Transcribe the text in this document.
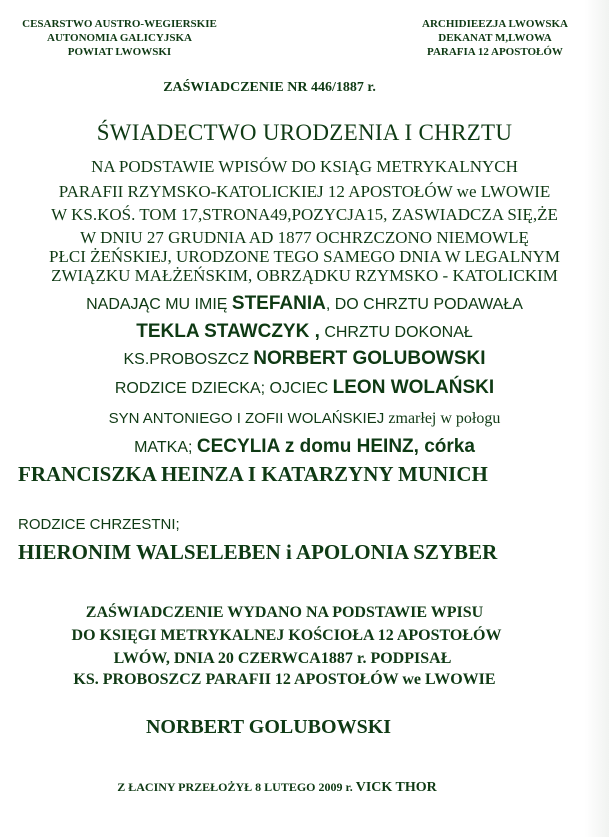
CESARSTWO AUSTRO-WEGIERSKIE
AUTONOMIA GALICYJSKA
POWIAT LWOWSKI
ARCHIDIEEZJA LWOWSKA
DEKANAT M,LWOWA
PARAFIA 12 APOSTOŁÓW
ZAŚWIADCZENIE NR 446/1887 r.
ŚWIADECTWO URODZENIA I CHRZTU
NA PODSTAWIE WPISÓW DO KSIĄG METRYKALNYCH
PARAFII RZYMSKO-KATOLICKIEJ 12 APOSTOŁÓW we LWOWIE
W KS.KOŚ. TOM 17,STRONA49,POZYCJA15, ZASWIADCZA SIĘ,ŻE
W DNIU 27 GRUDNIA AD 1877 OCHRZCZONO NIEMOWLĘ
PŁCI ŻEŃSKIEJ, URODZONE TEGO SAMEGO DNIA W LEGALNYM
ZWIĄZKU MAŁŻEŃSKIM, OBRZĄDKU RZYMSKO - KATOLICKIM
NADAJĄC MU IMIĘ STEFANIA, DO CHRZTU PODAWAŁA
TEKLA STAWCZYK , CHRZTU DOKONAŁ
KS.PROBOSZCZ NORBERT GOLUBOWSKI
RODZICE DZIECKA; OJCIEC LEON WOLAŃSKI
SYN ANTONIEGO I ZOFII WOLAŃSKIEJ zmarłej w połogu
MATKA; CECYLIA z domu HEINZ, córka
FRANCISZKA HEINZA I KATARZYNY MUNICH
RODZICE CHRZESTNI;
HIERONIM WALSELEBEN i APOLONIA SZYBER
ZAŚWIADCZENIE WYDANO NA PODSTAWIE WPISU
DO KSIĘGI METRYKALNEJ KOŚCIOŁA 12 APOSTOŁÓW
LWÓW, DNIA 20 CZERWCA1887 r. PODPISAŁ
KS. PROBOSZCZ PARAFII 12 APOSTOŁÓW we LWOWIE
NORBERT GOLUBOWSKI
Z ŁACINY PRZEŁOŻYŁ 8 LUTEGO 2009 r. VICK THOR
